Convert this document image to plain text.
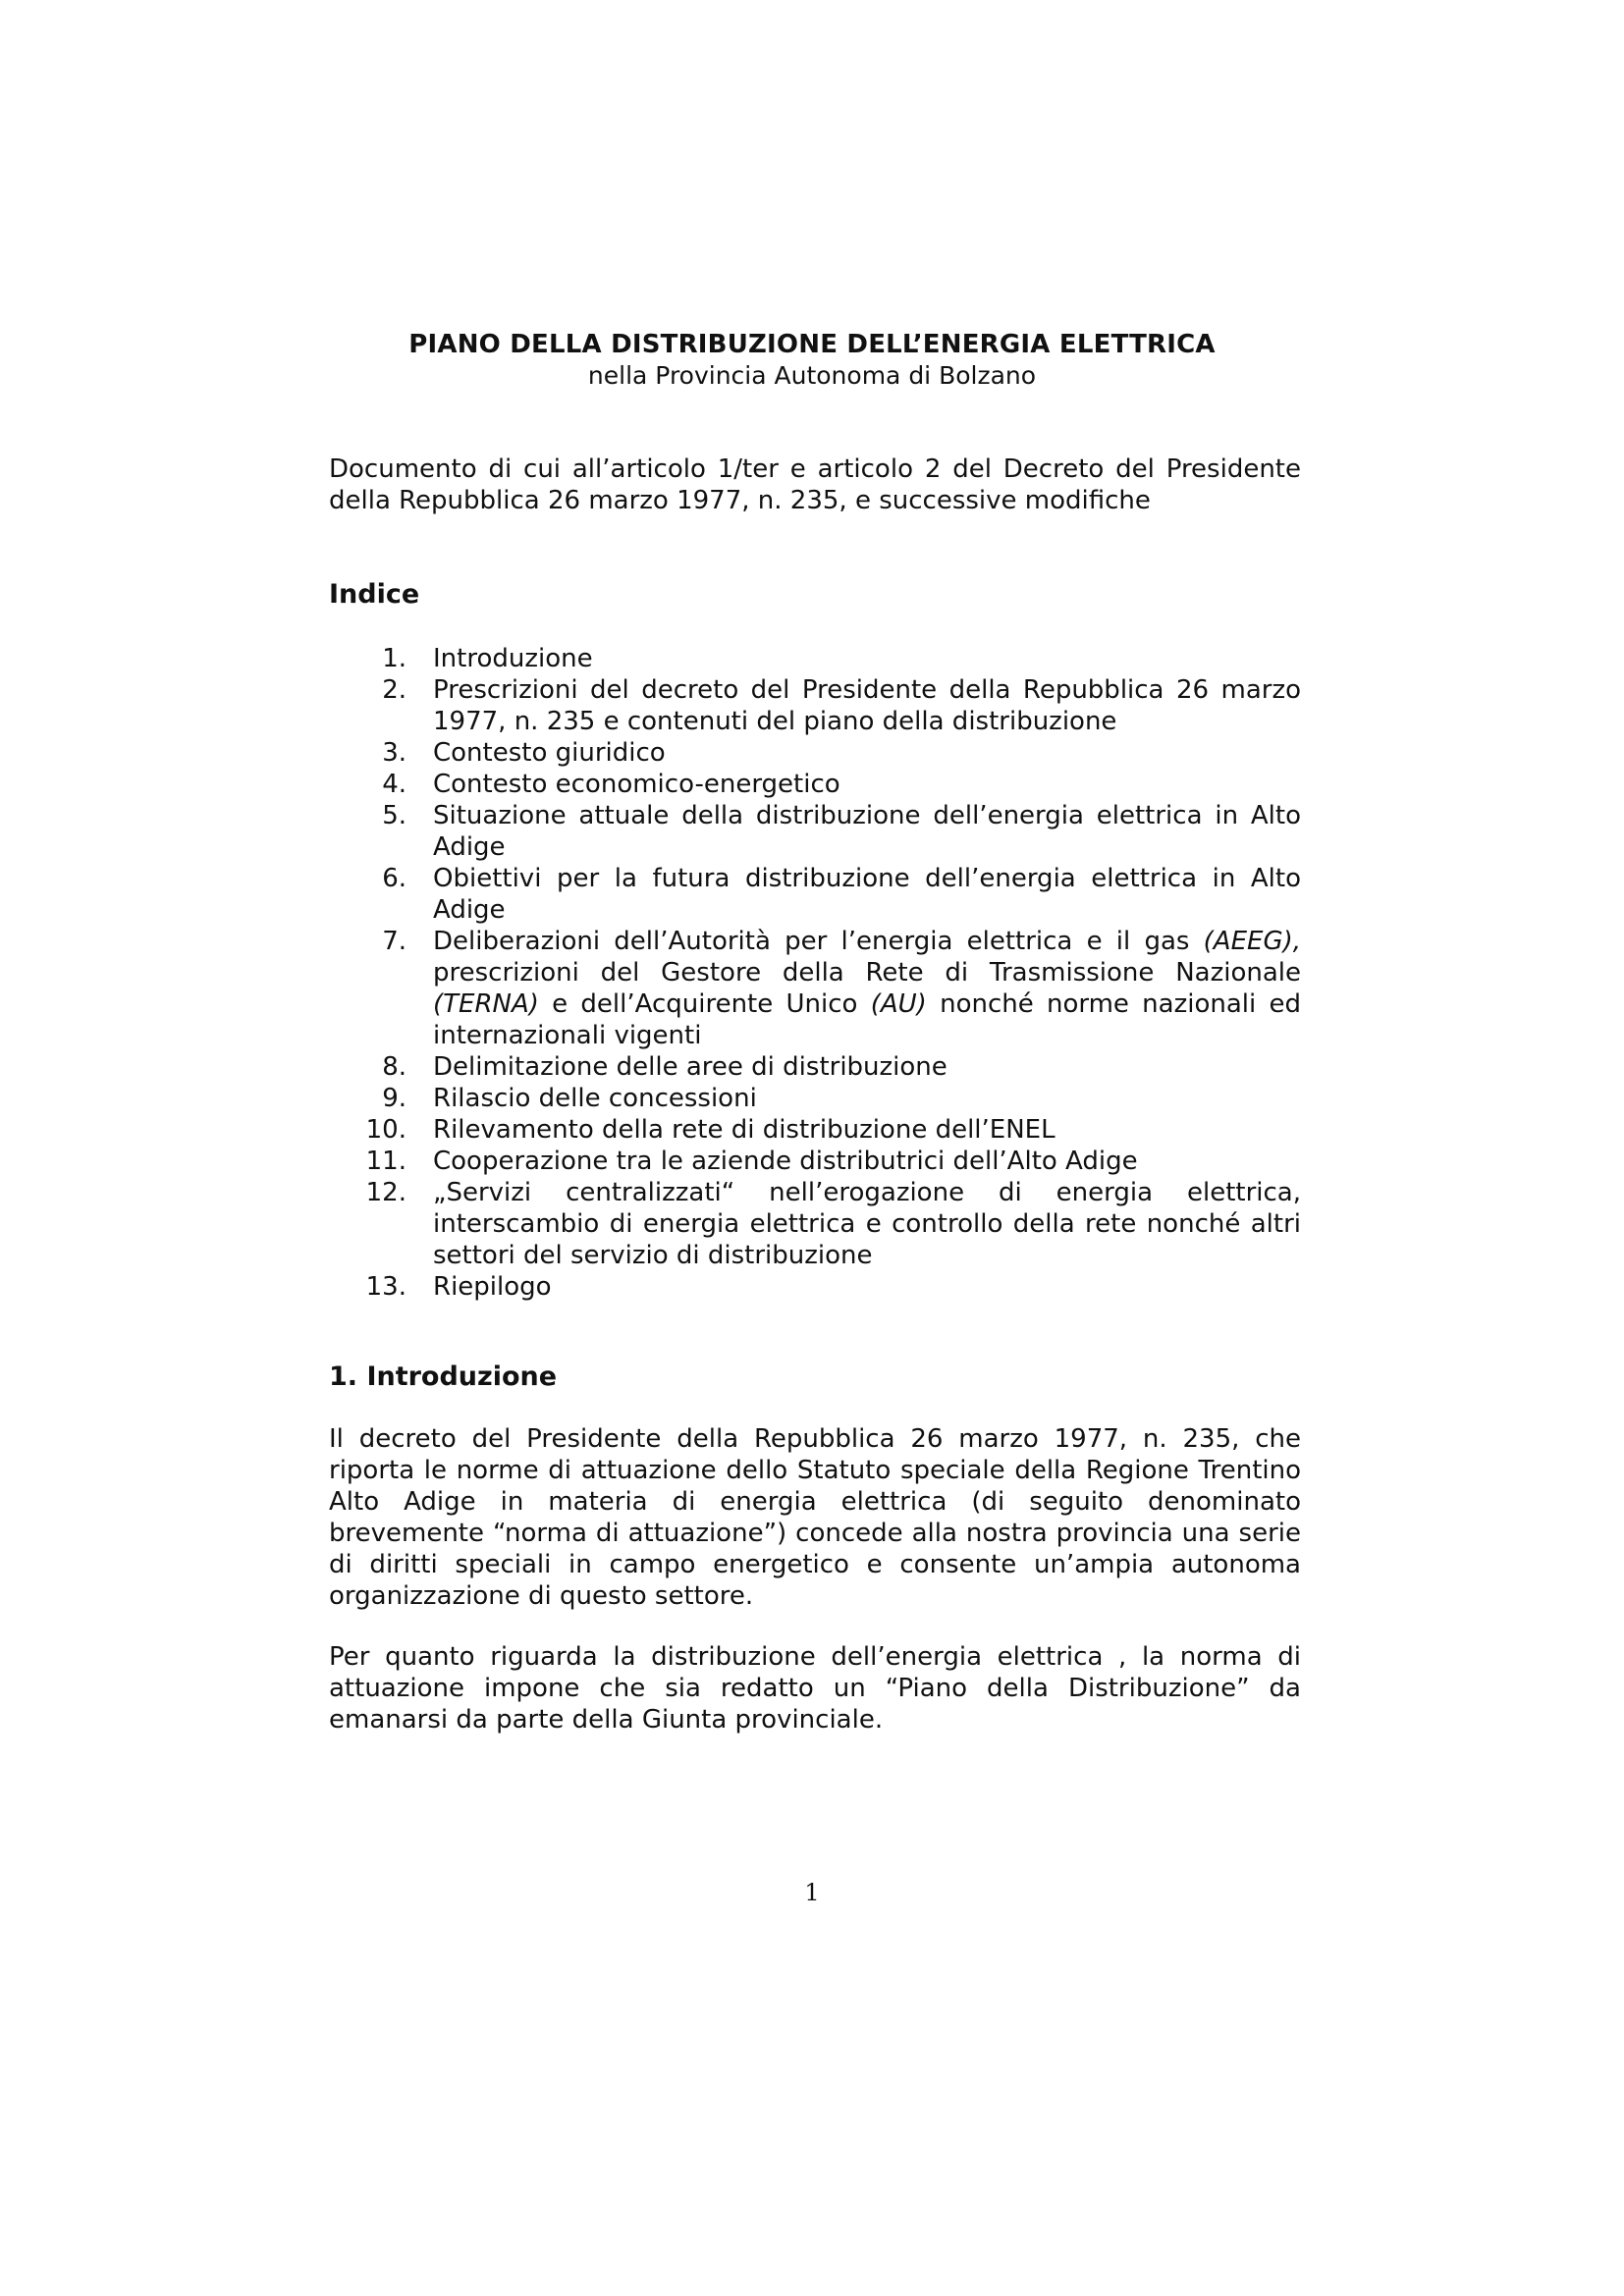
PIANO DELLA DISTRIBUZIONE DELL’ENERGIA ELETTRICA
nella Provincia Autonoma di Bolzano
Documento di cui all’articolo 1/ter e articolo 2 del Decreto del Presidente della Repubblica 26 marzo 1977, n. 235, e successive modifiche
Indice
1.	Introduzione
2.	Prescrizioni del decreto del Presidente della Repubblica 26 marzo 1977, n. 235 e contenuti del piano della distribuzione
3.	Contesto giuridico
4.	Contesto economico-energetico
5.	Situazione attuale della distribuzione dell’energia elettrica in Alto Adige
6.	Obiettivi per la futura distribuzione dell’energia elettrica in Alto Adige
7.	Deliberazioni dell’Autorità per l’energia elettrica e il gas (AEEG), prescrizioni del Gestore della Rete di Trasmissione Nazionale (TERNA) e dell’Acquirente Unico (AU) nonché norme nazionali ed internazionali vigenti
8.	Delimitazione delle aree di distribuzione
9.	Rilascio delle concessioni
10.	Rilevamento della rete di distribuzione dell’ENEL
11.	Cooperazione tra le aziende distributrici dell’Alto Adige
12.	„Servizi centralizzati“ nell’erogazione di energia elettrica, interscambio di energia elettrica e controllo della rete nonché altri settori del servizio di distribuzione
13.	Riepilogo
1. Introduzione
Il decreto del Presidente della Repubblica 26 marzo 1977, n. 235, che riporta le norme di attuazione dello Statuto speciale della Regione Trentino Alto Adige in materia di energia elettrica (di seguito denominato brevemente “norma di attuazione”) concede alla nostra provincia una serie di diritti speciali in campo energetico e consente un’ampia autonoma organizzazione di questo settore.
Per quanto riguarda la distribuzione dell’energia elettrica , la norma di attuazione impone che sia redatto un “Piano della Distribuzione” da emanarsi da parte della Giunta provinciale.
1
